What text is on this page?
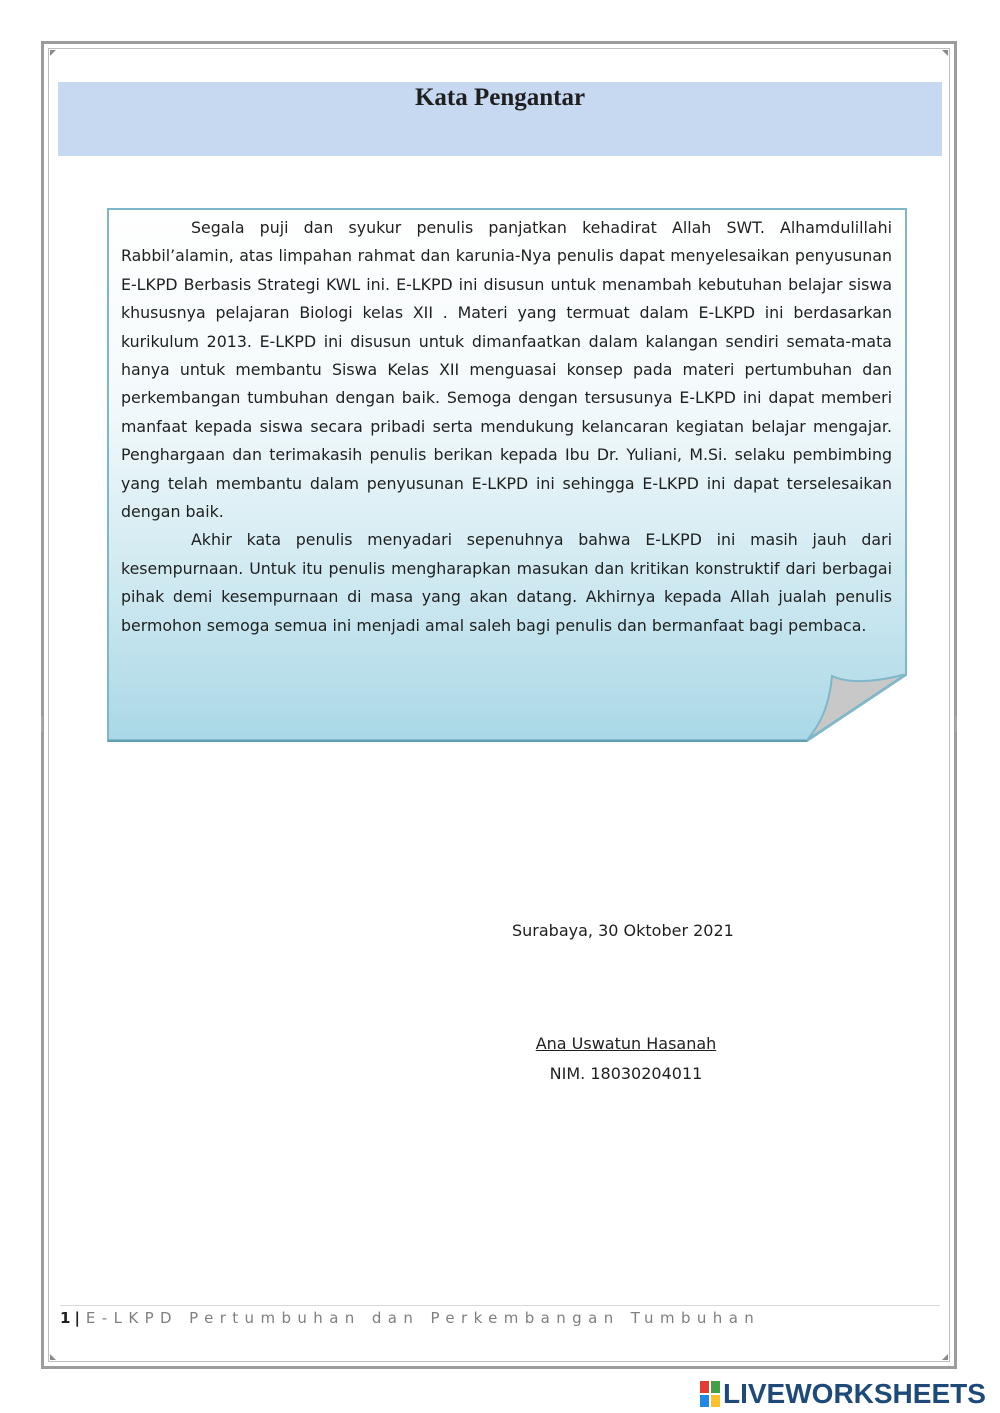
Kata Pengantar

Segala puji dan syukur penulis panjatkan kehadirat Allah SWT. Alhamdulillahi Rabbil’alamin, atas limpahan rahmat dan karunia-Nya penulis dapat menyelesaikan penyusunan E-LKPD Berbasis Strategi KWL ini. E-LKPD ini disusun untuk menambah kebutuhan belajar siswa khususnya pelajaran Biologi kelas XII . Materi yang termuat dalam E-LKPD ini berdasarkan kurikulum 2013. E-LKPD ini disusun untuk dimanfaatkan dalam kalangan sendiri semata-mata hanya untuk membantu Siswa Kelas XII menguasai konsep pada materi pertumbuhan dan perkembangan tumbuhan dengan baik. Semoga dengan tersusunya E-LKPD ini dapat memberi manfaat kepada siswa secara pribadi serta mendukung kelancaran kegiatan belajar mengajar. Penghargaan dan terimakasih penulis berikan kepada Ibu Dr. Yuliani, M.Si. selaku pembimbing yang telah membantu dalam penyusunan E-LKPD ini sehingga E-LKPD ini dapat terselesaikan dengan baik.

Akhir kata penulis menyadari sepenuhnya bahwa E-LKPD ini masih jauh dari kesempurnaan. Untuk itu penulis mengharapkan masukan dan kritikan konstruktif dari berbagai pihak demi kesempurnaan di masa yang akan datang. Akhirnya kepada Allah jualah penulis bermohon semoga semua ini menjadi amal saleh bagi penulis dan bermanfaat bagi pembaca.

Surabaya, 30 Oktober 2021
Ana Uswatun Hasanah
NIM. 18030204011
1 | E-LKPD Pertumbuhan dan Perkembangan Tumbuhan
LIVEWORKSHEETS
